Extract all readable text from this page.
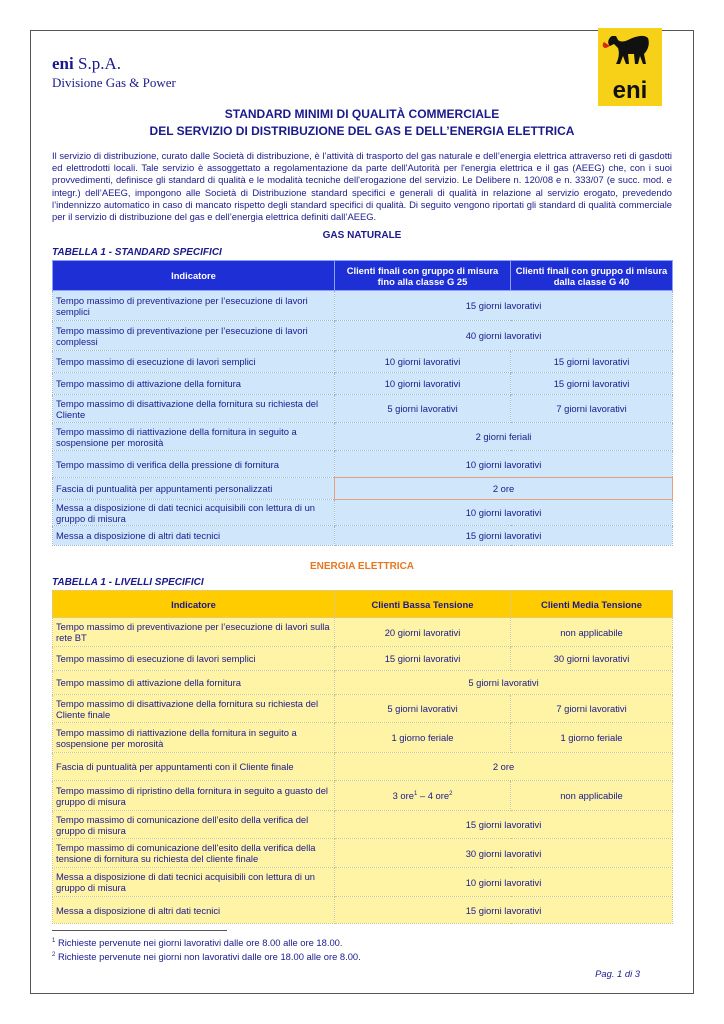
eni S.p.A.
Divisione Gas & Power	eni
STANDARD MINIMI DI QUALITÀ COMMERCIALE
DEL SERVIZIO DI DISTRIBUZIONE DEL GAS E DELL’ENERGIA ELETTRICA
Il servizio di distribuzione, curato dalle Società di distribuzione, è l’attività di trasporto del gas naturale e dell’energia elettrica attraverso reti di gasdotti ed elettrodotti locali. Tale servizio è assoggettato a regolamentazione da parte dell'Autorità per l'energia elettrica e il gas (AEEG) che, con i suoi provvedimenti, definisce gli standard di qualità e le modalità tecniche dell'erogazione del servizio. Le Delibere n. 120/08 e n. 333/07 (e succ. mod. e integr.) dell’AEEG, impongono alle Società di Distribuzione standard specifici e generali di qualità in relazione al servizio erogato, prevedendo l’indennizzo automatico in caso di mancato rispetto degli standard specifici di qualità. Di seguito vengono riportati gli standard di qualità commerciale per il servizio di distribuzione del gas e dell’energia elettrica definiti dall’AEEG.
GAS NATURALE
TABELLA 1 - STANDARD SPECIFICI
Indicatore	Clienti finali con gruppo di misura fino alla classe G 25	Clienti finali con gruppo di misura dalla classe G 40
Tempo massimo di preventivazione per l’esecuzione di lavori semplici	15 giorni lavorativi	
Tempo massimo di preventivazione per l’esecuzione di lavori complessi	40 giorni lavorativi	
Tempo massimo di esecuzione di lavori semplici	10 giorni lavorativi	15 giorni lavorativi
Tempo massimo di attivazione della fornitura	10 giorni lavorativi	15 giorni lavorativi
Tempo massimo di disattivazione della fornitura su richiesta del Cliente	5 giorni lavorativi	7 giorni lavorativi
Tempo massimo di riattivazione della fornitura in seguito a sospensione per morosità	2 giorni feriali	
Tempo massimo di verifica della pressione di fornitura	10 giorni lavorativi	
Fascia di puntualità per appuntamenti personalizzati	2 ore	
Messa a disposizione di dati tecnici acquisibili con lettura di un gruppo di misura	10 giorni lavorativi	
Messa a disposizione di altri dati tecnici	15 giorni lavorativi	
ENERGIA ELETTRICA
TABELLA 1 - LIVELLI SPECIFICI
Indicatore	Clienti Bassa Tensione	Clienti Media Tensione
Tempo massimo di preventivazione per l’esecuzione di lavori sulla rete BT	20 giorni lavorativi	non applicabile
Tempo massimo di esecuzione di lavori semplici	15 giorni lavorativi	30 giorni lavorativi
Tempo massimo di attivazione della fornitura	5 giorni lavorativi	
Tempo massimo di disattivazione della fornitura su richiesta del Cliente finale	5 giorni lavorativi	7 giorni lavorativi
Tempo massimo di riattivazione della fornitura in seguito a sospensione per morosità	1 giorno feriale	1 giorno feriale
Fascia di puntualità per appuntamenti con il Cliente finale	2 ore	
Tempo massimo di ripristino della fornitura in seguito a guasto del gruppo di misura	3 ore$^1$ – 4 ore$^2$	non applicabile
Tempo massimo di comunicazione dell’esito della verifica del gruppo di misura	15 giorni lavorativi	
Tempo massimo di comunicazione dell’esito della verifica della tensione di fornitura su richiesta del cliente finale	30 giorni lavorativi	
Messa a disposizione di dati tecnici acquisibili con lettura di un gruppo di misura	10 giorni lavorativi	
Messa a disposizione di altri dati tecnici	15 giorni lavorativi	
$^1$ Richieste pervenute nei giorni lavorativi dalle ore 8.00 alle ore 18.00.
$^2$ Richieste pervenute nei giorni non lavorativi dalle ore 18.00 alle ore 8.00.
Pag. 1 di 3
